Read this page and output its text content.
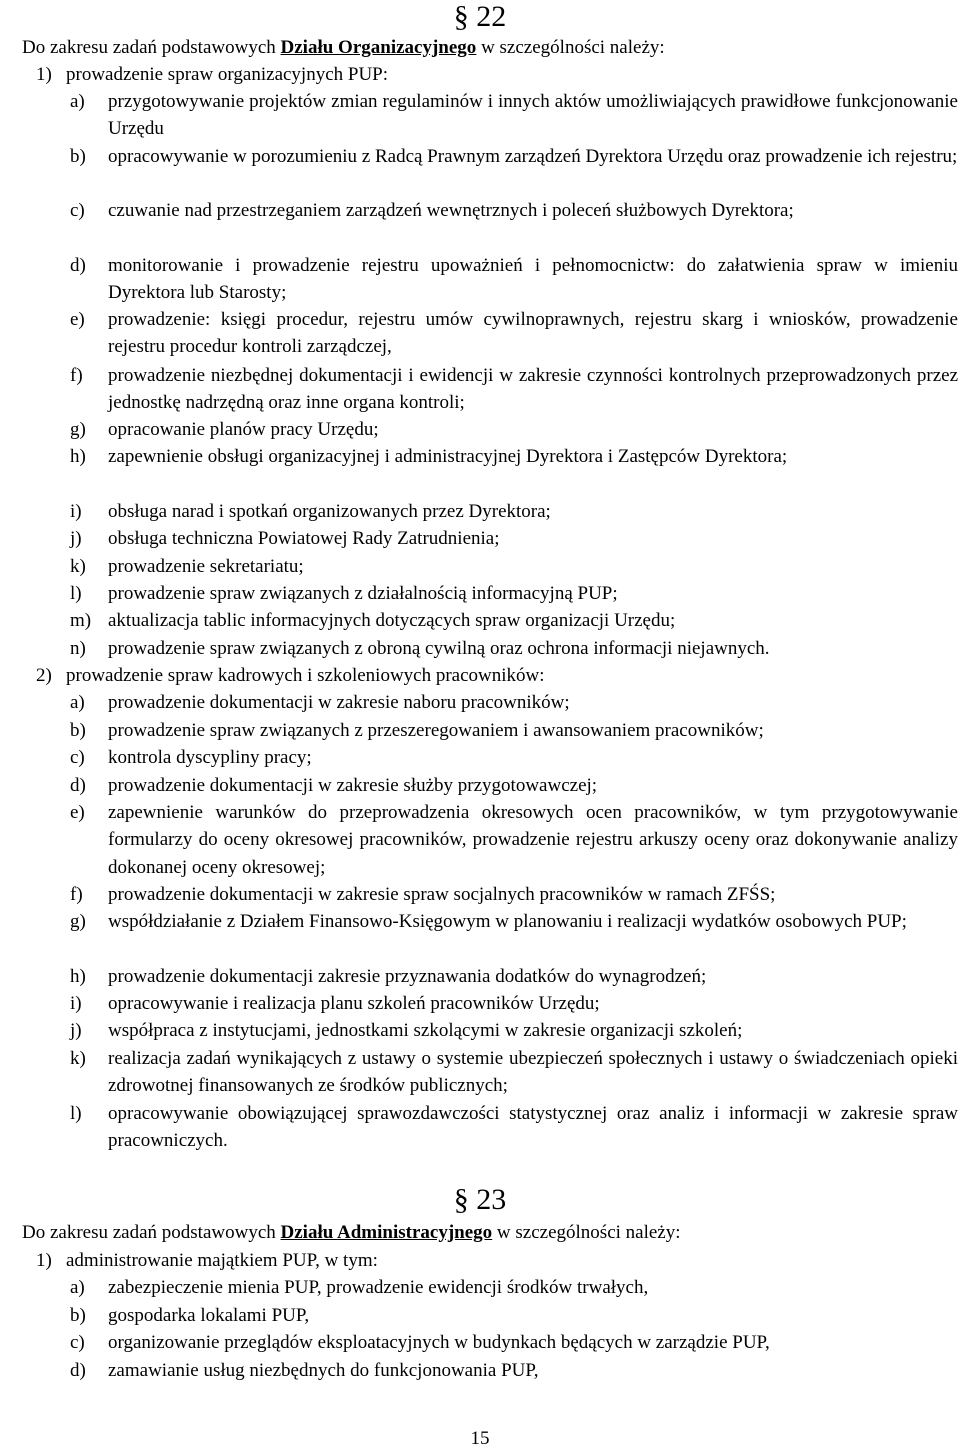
§ 22
Do zakresu zadań podstawowych Działu Organizacyjnego w szczególności należy:
1) prowadzenie spraw organizacyjnych PUP:
a)	przygotowywanie projektów zmian regulaminów i innych aktów umożliwiających prawidłowe funkcjonowanie Urzędu
b)	opracowywanie w porozumieniu z Radcą Prawnym zarządzeń Dyrektora Urzędu oraz prowadzenie ich rejestru;
c)	czuwanie nad przestrzeganiem zarządzeń wewnętrznych i poleceń służbowych Dyrektora;
d)	monitorowanie i prowadzenie rejestru upoważnień i pełnomocnictw: do załatwienia spraw w imieniu Dyrektora lub Starosty;
e)	prowadzenie: księgi procedur, rejestru umów cywilnoprawnych, rejestru skarg i wniosków, prowadzenie rejestru procedur kontroli zarządczej,
f)	prowadzenie niezbędnej dokumentacji i ewidencji w zakresie czynności kontrolnych przeprowadzonych przez jednostkę nadrzędną oraz inne organa kontroli;
g)	opracowanie planów pracy Urzędu;
h)	zapewnienie obsługi organizacyjnej i administracyjnej Dyrektora i Zastępców Dyrektora;
i)	obsługa narad i spotkań organizowanych przez Dyrektora;
j)	obsługa techniczna Powiatowej Rady Zatrudnienia;
k)	prowadzenie sekretariatu;
l)	prowadzenie spraw związanych z działalnością informacyjną PUP;
m) aktualizacja tablic informacyjnych dotyczących spraw organizacji Urzędu;
n)	prowadzenie spraw związanych z obroną cywilną oraz ochrona informacji niejawnych.
2) prowadzenie spraw kadrowych i szkoleniowych pracowników:
a)	prowadzenie dokumentacji w zakresie naboru pracowników;
b)	prowadzenie spraw związanych z przeszeregowaniem i awansowaniem pracowników;
c)	kontrola dyscypliny pracy;
d)	prowadzenie dokumentacji w zakresie służby przygotowawczej;
e)	zapewnienie warunków do przeprowadzenia okresowych ocen pracowników, w tym przygotowywanie formularzy do oceny okresowej pracowników, prowadzenie rejestru arkuszy oceny oraz dokonywanie analizy dokonanej oceny okresowej;
f)	prowadzenie dokumentacji w zakresie spraw socjalnych pracowników w ramach ZFŚS;
g)	współdziałanie z Działem Finansowo-Księgowym w planowaniu i realizacji wydatków osobowych PUP;
h)	prowadzenie dokumentacji zakresie przyznawania dodatków do wynagrodzeń;
i)	opracowywanie i realizacja planu szkoleń pracowników Urzędu;
j)	współpraca z instytucjami, jednostkami szkolącymi w zakresie organizacji szkoleń;
k)	realizacja zadań wynikających z ustawy o systemie ubezpieczeń społecznych i ustawy o świadczeniach opieki zdrowotnej finansowanych ze środków publicznych;
l)	opracowywanie obowiązującej sprawozdawczości statystycznej oraz analiz i informacji w zakresie spraw pracowniczych.
§ 23
Do zakresu zadań podstawowych Działu Administracyjnego w szczególności należy:
1) administrowanie majątkiem PUP, w tym:
a)	zabezpieczenie mienia PUP, prowadzenie ewidencji środków trwałych,
b)	gospodarka lokalami PUP,
c)	organizowanie przeglądów eksploatacyjnych w budynkach będących w zarządzie PUP,
d)	zamawianie usług niezbędnych do funkcjonowania PUP,
15
